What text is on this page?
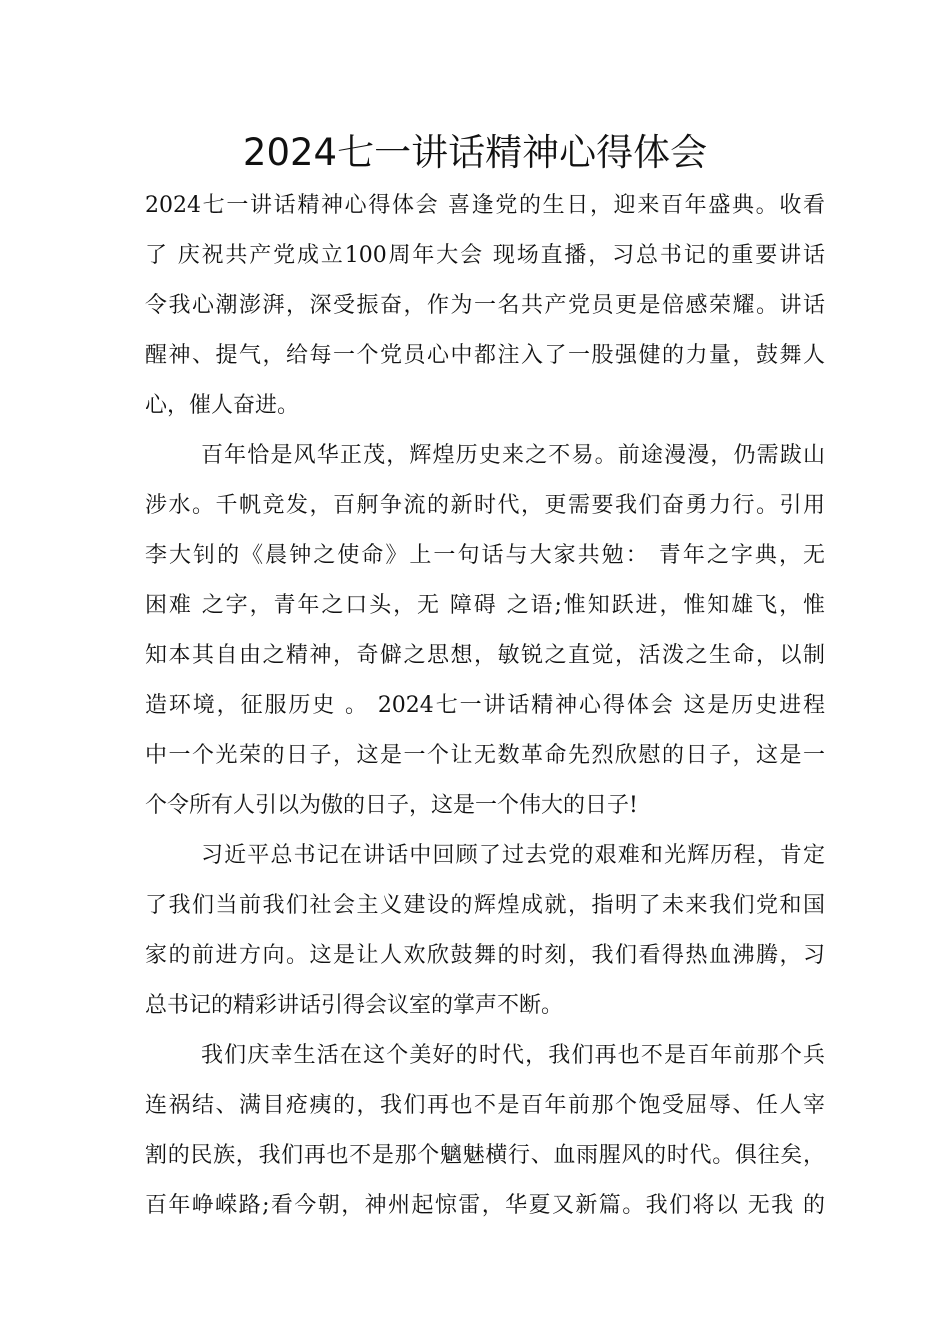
2024七一讲话精神心得体会
2024七一讲话精神心得体会 喜逢党的生日，迎来百年盛典。收看
了 庆祝共产党成立100周年大会 现场直播，习总书记的重要讲话
令我心潮澎湃，深受振奋，作为一名共产党员更是倍感荣耀。讲话
醒神、提气，给每一个党员心中都注入了一股强健的力量，鼓舞人
心，催人奋进。
百年恰是风华正茂，辉煌历史来之不易。前途漫漫，仍需跋山
涉水。千帆竞发，百舸争流的新时代，更需要我们奋勇力行。引用
李大钊的《晨钟之使命》上一句话与大家共勉： 青年之字典，无
困难 之字，青年之口头，无 障碍 之语;惟知跃进，惟知雄飞，惟
知本其自由之精神，奇僻之思想，敏锐之直觉，活泼之生命，以制
造环境，征服历史 。 2024七一讲话精神心得体会 这是历史进程
中一个光荣的日子，这是一个让无数革命先烈欣慰的日子，这是一
个令所有人引以为傲的日子，这是一个伟大的日子!
习近平总书记在讲话中回顾了过去党的艰难和光辉历程，肯定
了我们当前我们社会主义建设的辉煌成就，指明了未来我们党和国
家的前进方向。这是让人欢欣鼓舞的时刻，我们看得热血沸腾，习
总书记的精彩讲话引得会议室的掌声不断。
我们庆幸生活在这个美好的时代，我们再也不是百年前那个兵
连祸结、满目疮痍的，我们再也不是百年前那个饱受屈辱、任人宰
割的民族，我们再也不是那个魑魅横行、血雨腥风的时代。俱往矣，
百年峥嵘路;看今朝，神州起惊雷，华夏又新篇。我们将以 无我 的
